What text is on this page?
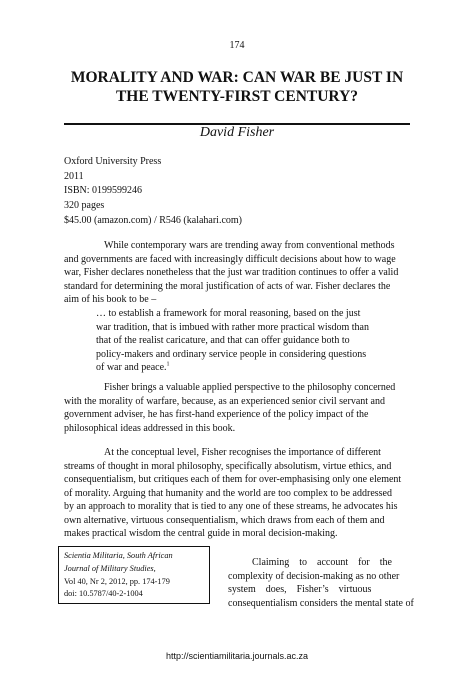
174
MORALITY AND WAR: CAN WAR BE JUST IN
THE TWENTY-FIRST CENTURY?
David Fisher
Oxford University Press
2011
ISBN: 0199599246
320 pages
$45.00 (amazon.com) / R546 (kalahari.com)

While contemporary wars are trending away from conventional methods
and governments are faced with increasingly difficult decisions about how to wage
war, Fisher declares nonetheless that the just war tradition continues to offer a valid
standard for determining the moral justification of acts of war. Fisher declares the
aim of his book to be –

… to establish a framework for moral reasoning, based on the just
war tradition, that is imbued with rather more practical wisdom than
that of the realist caricature, and that can offer guidance both to
policy-makers and ordinary service people in considering questions
of war and peace.$^1$

Fisher brings a valuable applied perspective to the philosophy concerned
with the morality of warfare, because, as an experienced senior civil servant and
government adviser, he has first-hand experience of the policy impact of the
philosophical ideas addressed in this book.

At the conceptual level, Fisher recognises the importance of different
streams of thought in moral philosophy, specifically absolutism, virtue ethics, and
consequentialism, but critiques each of them for over-emphasising only one element
of morality. Arguing that humanity and the world are too complex to be addressed
by an approach to morality that is tied to any one of these streams, he advocates his
own alternative, virtuous consequentialism, which draws from each of them and
makes practical wisdom the central guide in moral decision-making.

Scientia Militaria, South African
Journal of Military Studies,
Vol 40, Nr 2, 2012, pp. 174-179
doi: 10.5787/40-2-1004
Claiming    to    account    for    the
complexity of decision-making as no other
system    does,    Fisher’s    virtuous
consequentialism considers the mental state of
http://scientiamilitaria.journals.ac.za
